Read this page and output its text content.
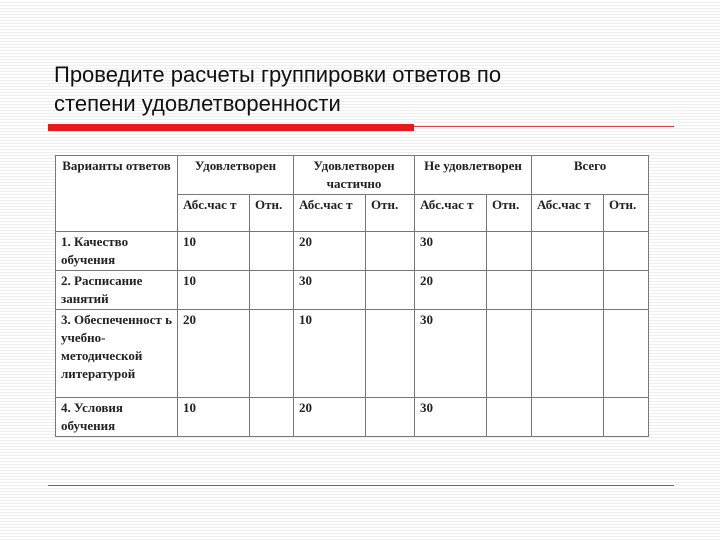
Проведите расчеты группировки ответов по
степени удовлетворенности
Варианты ответов	Удовлетворен		Удовлетворен частично		Не удовлетворен		Всего	
	Абс.час т	Отн.	Абс.час т	Отн.	Абс.час т	Отн.	Абс.час т	Отн.
1. Качество обучения	10		20		30			
2. Расписание занятий	10		30		20			
3. Обеспеченност ь учебно-методической литературой	20		10		30			
4. Условия обучения	10		20		30			
